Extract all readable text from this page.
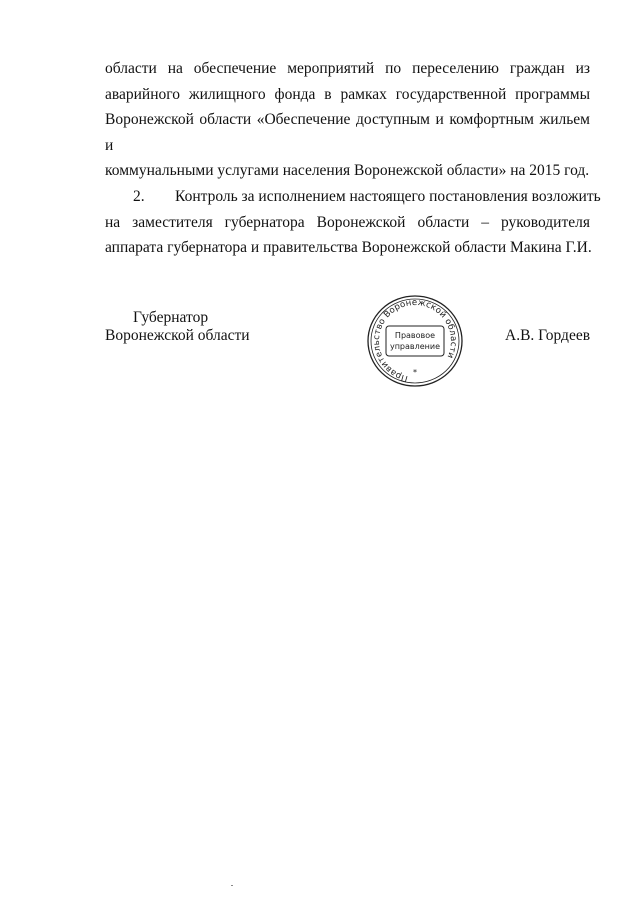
области на обеспечение мероприятий по переселению граждан из
аварийного жилищного фонда в рамках государственной программы
Воронежской области «Обеспечение доступным и комфортным жильем и
коммунальными услугами населения Воронежской области» на 2015 год.
2. Контроль за исполнением настоящего постановления возложить
на заместителя губернатора Воронежской области – руководителя
аппарата губернатора и правительства Воронежской области Макина Г.И.
Губернатор
Воронежской области
Правительство Воронежской области
Правовое
управление
*
А.В. Гордеев
